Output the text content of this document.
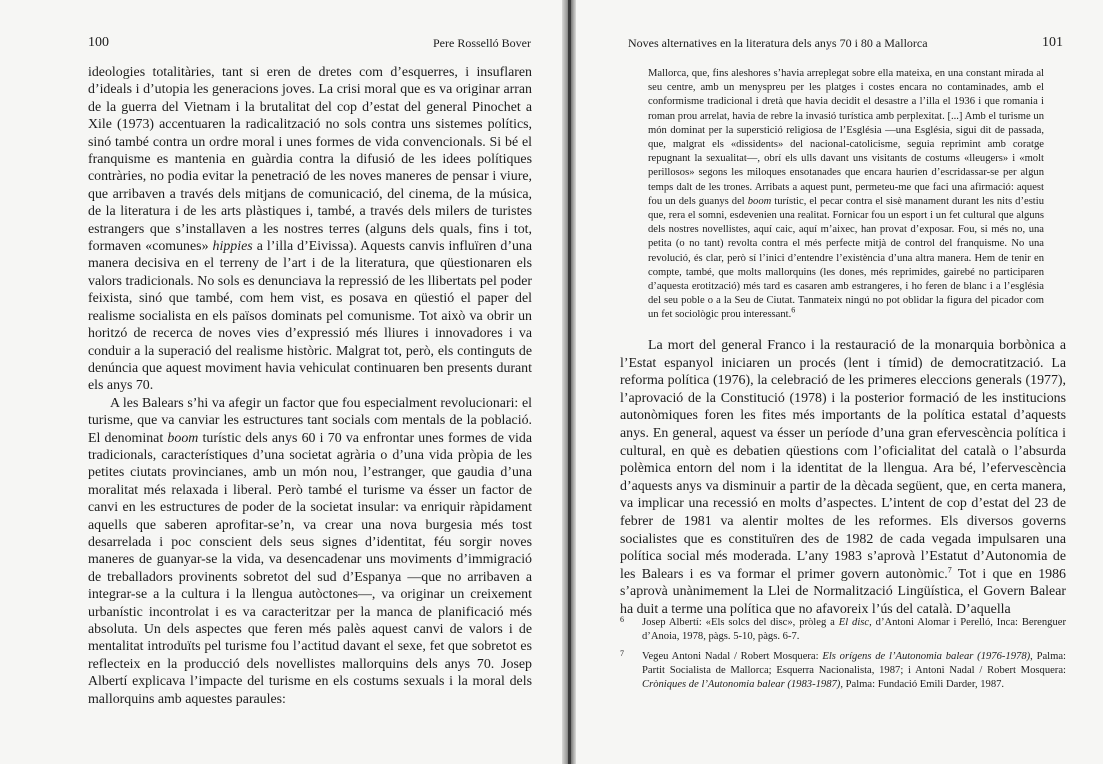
100	Pere Rosselló Bover

ideologies totalitàries, tant si eren de dretes com d’esquerres, i insuflaren d’ideals i d’utopia les generacions joves. La crisi moral que es va originar arran de la guerra del Vietnam i la brutalitat del cop d’estat del general Pinochet a Xile (1973) accentuaren la radicalització no sols contra uns sistemes polítics, sinó també contra un ordre moral i unes formes de vida convencionals. Si bé el franquisme es mantenia en guàrdia contra la difusió de les idees polítiques contràries, no podia evitar la penetració de les noves maneres de pensar i viure, que arribaven a través dels mitjans de comunicació, del cinema, de la música, de la literatura i de les arts plàstiques i, també, a través dels milers de turistes estrangers que s’installaven a les nostres terres (alguns dels quals, fins i tot, formaven «comunes» hippies a l’illa d’Eivissa). Aquests canvis influïren d’una manera decisiva en el terreny de l’art i de la literatura, que qüestionaren els valors tradicionals. No sols es denunciava la repressió de les llibertats pel poder feixista, sinó que també, com hem vist, es posava en qüestió el paper del realisme socialista en els països dominats pel comunisme. Tot això va obrir un horitzó de recerca de noves vies d’expressió més lliures i innovadores i va conduir a la superació del realisme històric. Malgrat tot, però, els continguts de denúncia que aquest moviment havia vehiculat continuaren ben presents durant els anys 70.

A les Balears s’hi va afegir un factor que fou especialment revolucionari: el turisme, que va canviar les estructures tant socials com mentals de la població. El denominat boom turístic dels anys 60 i 70 va enfrontar unes formes de vida tradicionals, característiques d’una societat agrària o d’una vida pròpia de les petites ciutats provincianes, amb un món nou, l’estranger, que gaudia d’una moralitat més relaxada i liberal. Però també el turisme va ésser un factor de canvi en les estructures de poder de la societat insular: va enriquir ràpidament aquells que saberen aprofitar-se’n, va crear una nova burgesia més tost desarrelada i poc conscient dels seus signes d’identitat, féu sorgir noves maneres de guanyar-se la vida, va desencadenar uns moviments d’immigració de treballadors provinents sobretot del sud d’Espanya —que no arribaven a integrar-se a la cultura i la llengua autòctones—, va originar un creixement urbanístic incontrolat i es va caracteritzar per la manca de planificació més absoluta. Un dels aspectes que feren més palès aquest canvi de valors i de mentalitat introduïts pel turisme fou l’actitud davant el sexe, fet que sobretot es reflecteix en la producció dels novellistes mallorquins dels anys 70. Josep Albertí explicava l’impacte del turisme en els costums sexuals i la moral dels mallorquins amb aquestes paraules:

Noves alternatives en la literatura dels anys 70 i 80 a Mallorca	101

Mallorca, que, fins aleshores s’havia arreplegat sobre ella mateixa, en una constant mirada al seu centre, amb un menyspreu per les platges i costes encara no contaminades, amb el conformisme tradicional i dretà que havia decidit el desastre a l’illa el 1936 i que romania i roman prou arrelat, havia de rebre la invasió turística amb perplexitat. [...] Amb el turisme un món dominat per la superstició religiosa de l’Església —una Església, sigui dit de passada, que, malgrat els «dissidents» del nacional-catolicisme, seguia reprimint amb coratge repugnant la sexualitat—, obrí els ulls davant uns visitants de costums «lleugers» i «molt perillosos» segons les miloques ensotanades que encara haurien d’escridassar-se per algun temps dalt de les trones. Arribats a aquest punt, permeteu-me que faci una afirmació: aquest fou un dels guanys del boom turístic, el pecar contra el sisè manament durant les nits d’estiu que, rera el somni, esdevenien una realitat. Fornicar fou un esport i un fet cultural que alguns dels nostres novellistes, aquí caic, aquí m’aixec, han provat d’exposar. Fou, si més no, una petita (o no tant) revolta contra el més perfecte mitjà de control del franquisme. No una revolució, és clar, però sí l’inici d’entendre l’existència d’una altra manera. Hem de tenir en compte, també, que molts mallorquins (les dones, més reprimides, gairebé no participaren d’aquesta erotització) més tard es casaren amb estrangeres, i ho feren de blanc i a l’església del seu poble o a la Seu de Ciutat. Tanmateix ningú no pot oblidar la figura del picador com un fet sociològic prou interessant.$^6$

La mort del general Franco i la restauració de la monarquia borbònica a l’Estat espanyol iniciaren un procés (lent i tímid) de democratització. La reforma política (1976), la celebració de les primeres eleccions generals (1977), l’aprovació de la Constitució (1978) i la posterior formació de les institucions autonòmiques foren les fites més importants de la política estatal d’aquests anys. En general, aquest va ésser un període d’una gran efervescència política i cultural, en què es debatien qüestions com l’oficialitat del català o l’absurda polèmica entorn del nom i la identitat de la llengua. Ara bé, l’efervescència d’aquests anys va disminuir a partir de la dècada següent, que, en certa manera, va implicar una recessió en molts d’aspectes. L’intent de cop d’estat del 23 de febrer de 1981 va alentir moltes de les reformes. Els diversos governs socialistes que es constituïren des de 1982 de cada vegada impulsaren una política social més moderada. L’any 1983 s’aprovà l’Estatut d’Autonomia de les Balears i es va formar el primer govern autonòmic.$^7$ Tot i que en 1986 s’aprovà unànimement la Llei de Normalització Lingüística, el Govern Balear ha duit a terme una política que no afavoreix l’ús del català. D’aquella

6 Josep Albertí: «Els solcs del disc», pròleg a El disc, d’Antoni Alomar i Perelló, Inca: Berenguer d’Anoia, 1978, pàgs. 5-10, pàgs. 6-7.
7 Vegeu Antoni Nadal / Robert Mosquera: Els orígens de l’Autonomia balear (1976-1978), Palma: Partit Socialista de Mallorca; Esquerra Nacionalista, 1987; i Antoni Nadal / Robert Mosquera: Cròniques de l’Autonomia balear (1983-1987), Palma: Fundació Emili Darder, 1987.
